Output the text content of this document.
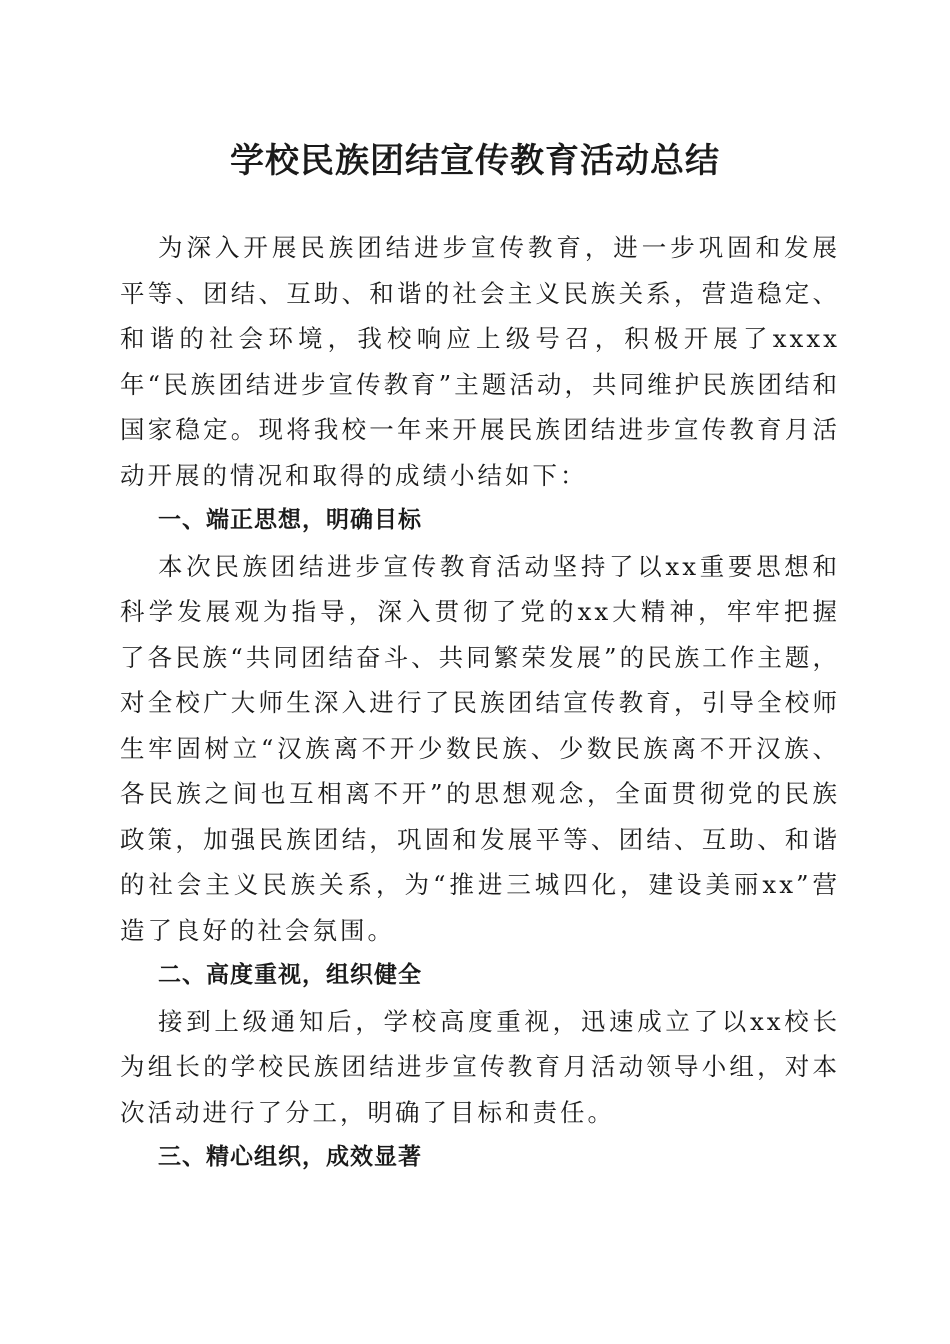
学校民族团结宣传教育活动总结

为深入开展民族团结进步宣传教育，进一步巩固和发展平等、团结、互助、和谐的社会主义民族关系，营造稳定、和谐的社会环境，我校响应上级号召，积极开展了xxxx年“民族团结进步宣传教育”主题活动，共同维护民族团结和国家稳定。现将我校一年来开展民族团结进步宣传教育月活动开展的情况和取得的成绩小结如下：

一、端正思想，明确目标

本次民族团结进步宣传教育活动坚持了以xx重要思想和科学发展观为指导，深入贯彻了党的xx大精神，牢牢把握了各民族“共同团结奋斗、共同繁荣发展”的民族工作主题，对全校广大师生深入进行了民族团结宣传教育，引导全校师生牢固树立“汉族离不开少数民族、少数民族离不开汉族、各民族之间也互相离不开”的思想观念，全面贯彻党的民族政策，加强民族团结，巩固和发展平等、团结、互助、和谐的社会主义民族关系，为“推进三城四化，建设美丽xx”营造了良好的社会氛围。

二、高度重视，组织健全

接到上级通知后，学校高度重视，迅速成立了以xx校长为组长的学校民族团结进步宣传教育月活动领导小组，对本次活动进行了分工，明确了目标和责任。

三、精心组织，成效显著
